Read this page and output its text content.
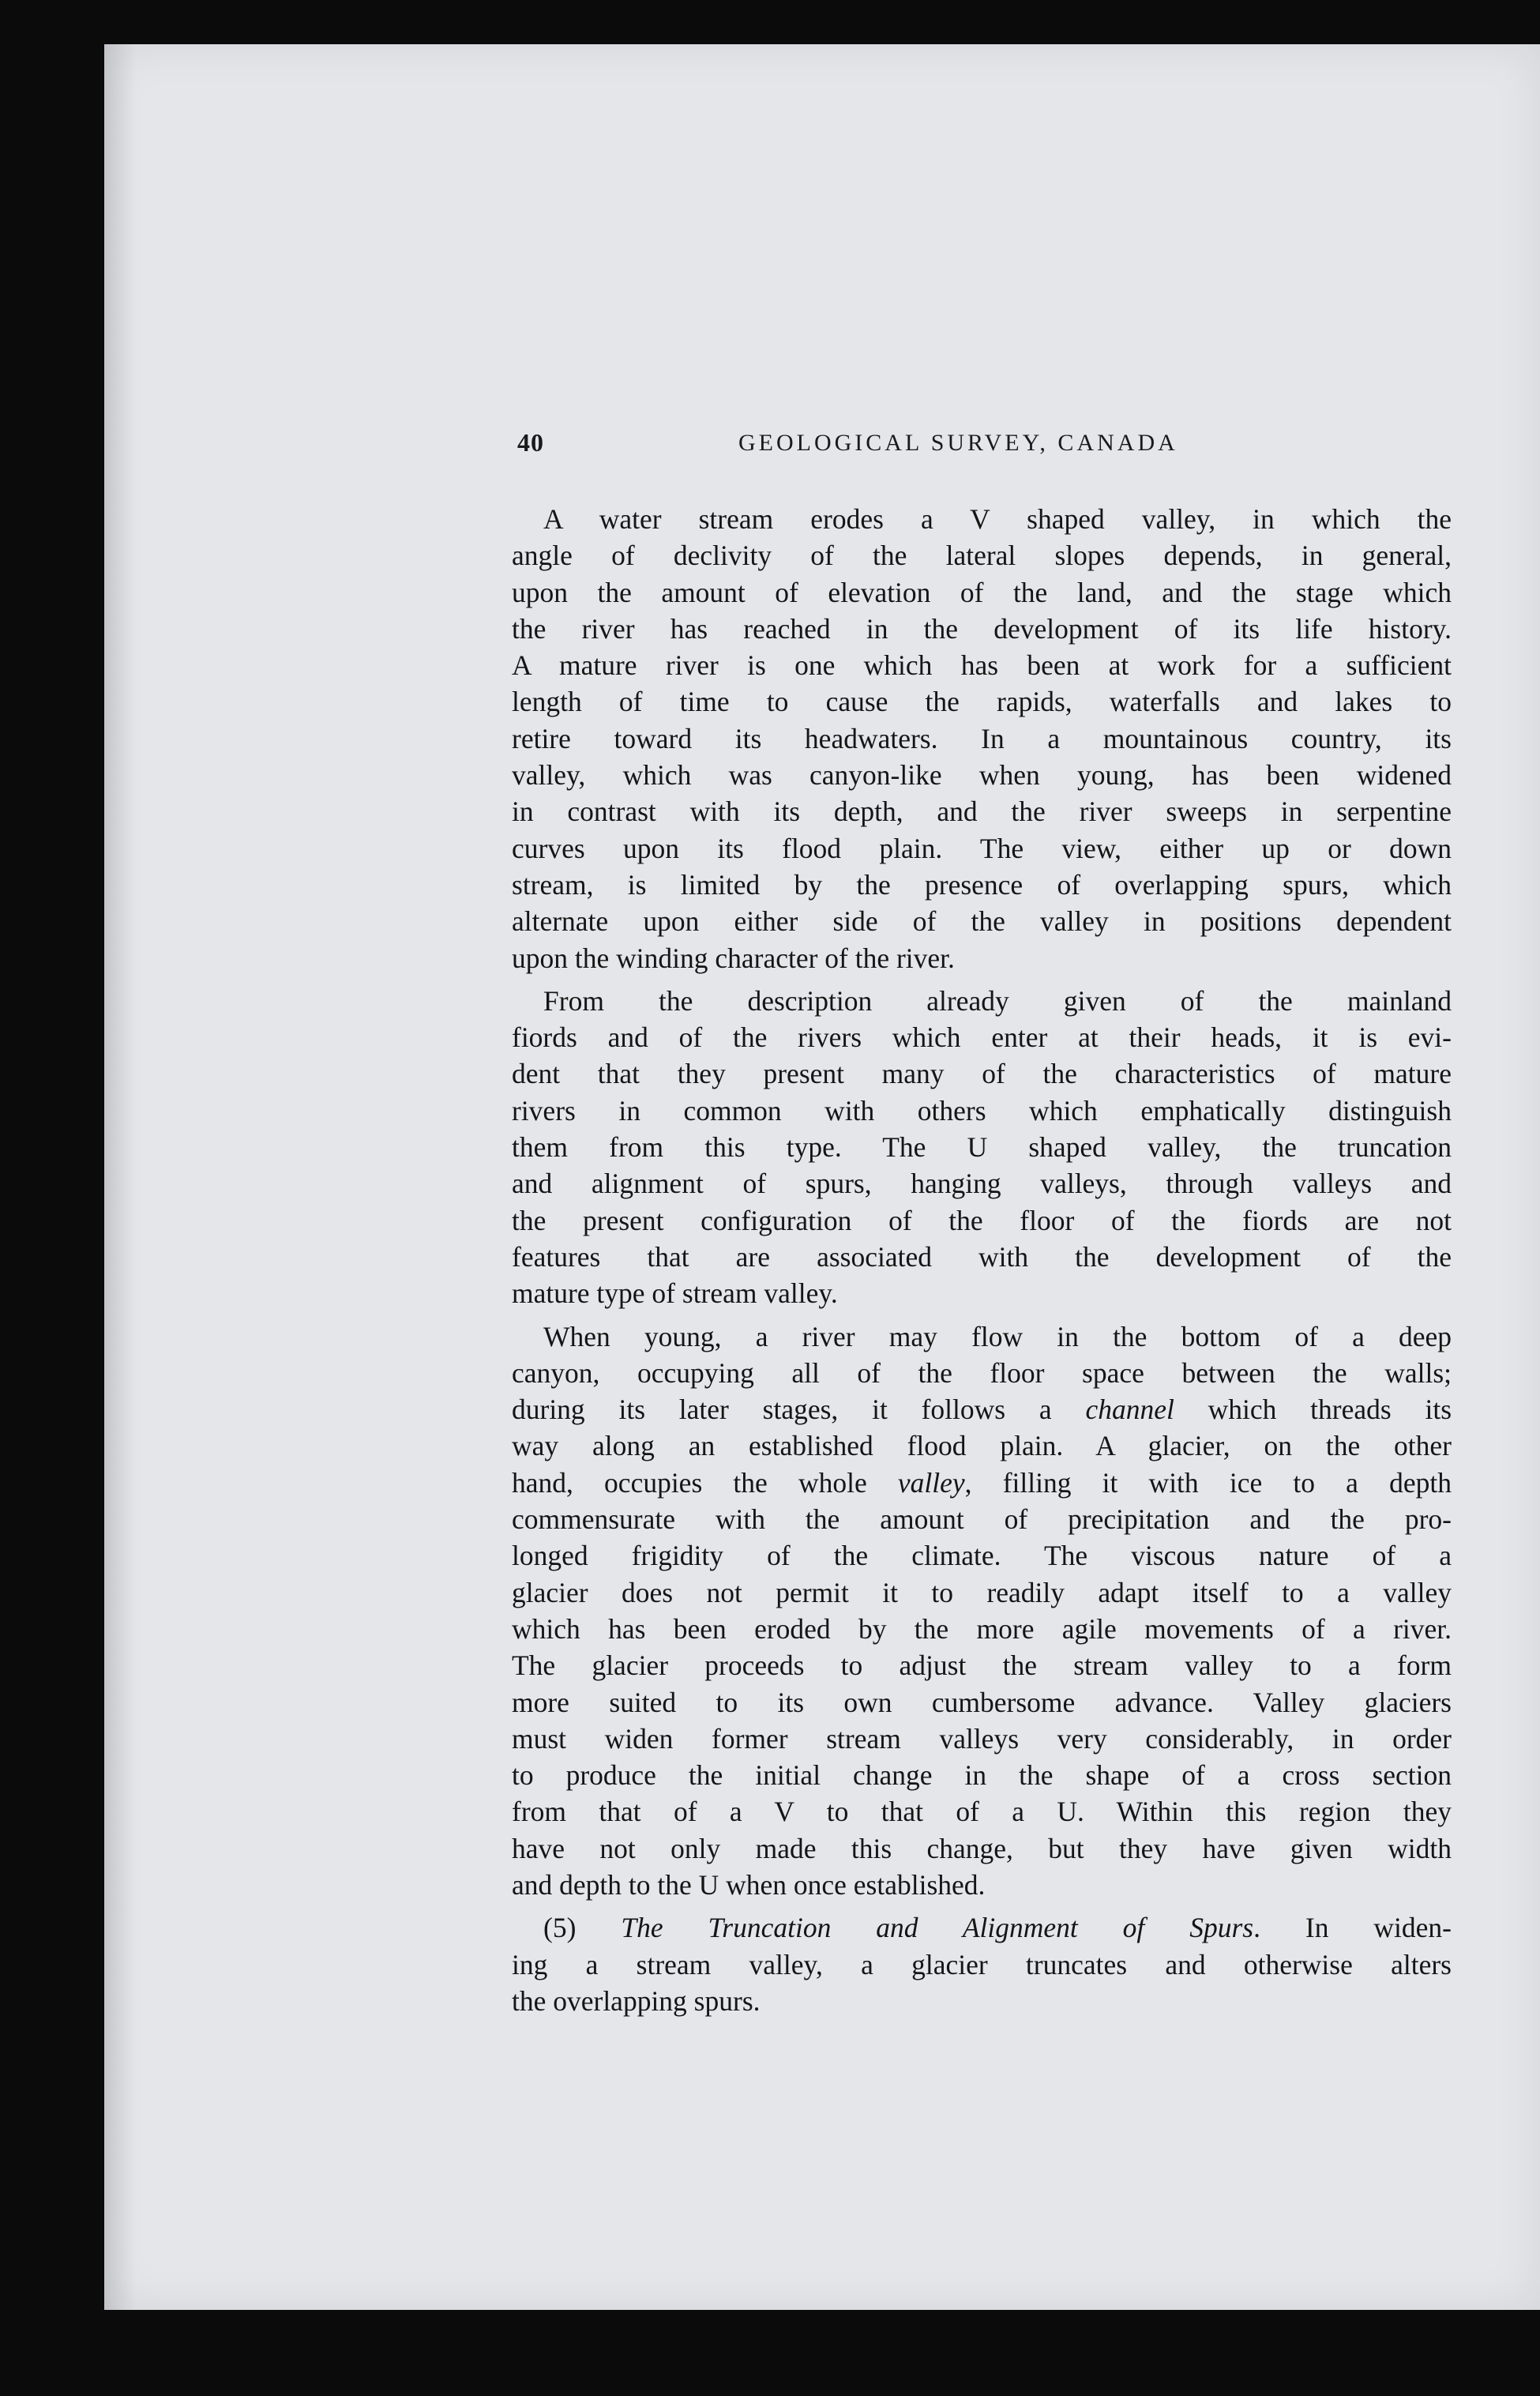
40	GEOLOGICAL SURVEY, CANADA
A water stream erodes a V shaped valley, in which the
angle of declivity of the lateral slopes depends, in general,
upon the amount of elevation of the land, and the stage which
the river has reached in the development of its life history.
A mature river is one which has been at work for a sufficient
length of time to cause the rapids, waterfalls and lakes to
retire toward its headwaters. In a mountainous country, its
valley, which was canyon-like when young, has been widened
in contrast with its depth, and the river sweeps in serpentine
curves upon its flood plain. The view, either up or down
stream, is limited by the presence of overlapping spurs, which
alternate upon either side of the valley in positions dependent
upon the winding character of the river.
From the description already given of the mainland
fiords and of the rivers which enter at their heads, it is evi-
dent that they present many of the characteristics of mature
rivers in common with others which emphatically distinguish
them from this type. The U shaped valley, the truncation
and alignment of spurs, hanging valleys, through valleys and
the present configuration of the floor of the fiords are not
features that are associated with the development of the
mature type of stream valley.
When young, a river may flow in the bottom of a deep
canyon, occupying all of the floor space between the walls;
during its later stages, it follows a channel which threads its
way along an established flood plain. A glacier, on the other
hand, occupies the whole valley, filling it with ice to a depth
commensurate with the amount of precipitation and the pro-
longed frigidity of the climate. The viscous nature of a
glacier does not permit it to readily adapt itself to a valley
which has been eroded by the more agile movements of a river.
The glacier proceeds to adjust the stream valley to a form
more suited to its own cumbersome advance. Valley glaciers
must widen former stream valleys very considerably, in order
to produce the initial change in the shape of a cross section
from that of a V to that of a U. Within this region they
have not only made this change, but they have given width
and depth to the U when once established.
(5) The Truncation and Alignment of Spurs. In widen-
ing a stream valley, a glacier truncates and otherwise alters
the overlapping spurs.
